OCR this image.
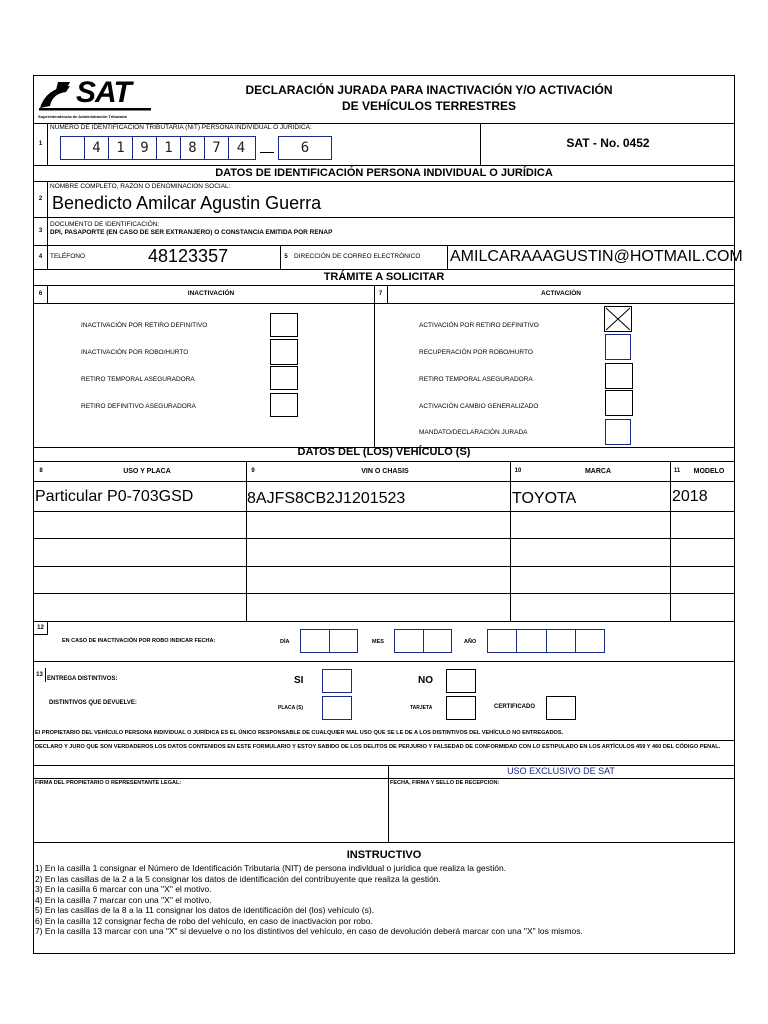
SAT
Superintendencia de Administración Tributaria
DECLARACIÓN JURADA PARA INACTIVACIÓN Y/O ACTIVACIÓN
DE VEHÍCULOS TERRESTRES
1
NUMERO DE IDENTIFICACION TRIBUTARIA (NIT) PERSONA INDIVIDUAL O JURIDICA:
4	1	9	1	8	7	4	6	SAT - No. 0452
DATOS DE IDENTIFICACIÓN PERSONA INDIVIDUAL O JURÍDICA
2
NOMBRE COMPLETO, RAZON O DENOMINACION SOCIAL:
Benedicto Amilcar Agustin Guerra
3
DOCUMENTO DE IDENTIFICACIÓN:
DPI, PASAPORTE (EN CASO DE SER EXTRANJERO) O CONSTANCIA EMITIDA POR RENAP
4	TELÉFONO	48123357	5 DIRECCIÓN DE CORREO ELECTRÓNICO AMILCARAAAGUSTIN@HOTMAIL.COM
TRÁMITE A SOLICITAR
6	INACTIVACIÓN	7	ACTIVACIÓN
INACTIVACIÓN POR RETIRO DEFINITIVO
INACTIVACIÓN POR ROBO/HURTO
RETIRO TEMPORAL ASEGURADORA
RETIRO DEFINITIVO ASEGURADORA
ACTIVACIÓN POR RETIRO DEFINITIVO
RECUPERACIÓN POR ROBO/HURTO
RETIRO TEMPORAL ASEGURADORA
ACTIVACIÓN CAMBIO GENERALIZADO
MANDATO/DECLARACIÓN JURADA
DATOS DEL (LOS) VEHÍCULO (S)
8	USO Y PLACA	9	VIN O CHASIS	10	MARCA	11	MODELO
Particular P0-703GSD	8AJFS8CB2J1201523	TOYOTA	2018
12
EN CASO DE INACTIVACIÓN POR ROBO INDICAR FECHA:	DÍA	MES	AÑO
13
ENTREGA DISTINTIVOS:	SI	NO
DISTINTIVOS QUE DEVUELVE:
PLACA (S)	TARJETA	CERTIFICADO
El PROPIETARIO DEL VEHÍCULO PERSONA INDIVIDUAL O JURÍDICA ES EL ÚNICO RESPONSABLE DE CUALQUIER MAL USO QUE SE LE DE A LOS DISTINTIVOS DEL VEHÍCULO NO ENTREGADOS.
DECLARO Y JURO QUE SON VERDADEROS LOS DATOS CONTENIDOS EN ESTE FORMULARIO Y ESTOY SABIDO DE LOS DELITOS DE PERJURIO Y FALSEDAD DE CONFORMIDAD CON LO ESTIPULADO EN LOS ARTÍCULOS 459 Y 460 DEL CÓDIGO PENAL.
USO EXCLUSIVO DE SAT
FIRMA DEL PROPIETARIO O REPRESENTANTE LEGAL:	FECHA, FIRMA Y SELLO DE RECEPCION:
INSTRUCTIVO
1) En la casilla 1 consignar el Número de Identificación Tributaria (NIT) de persona indivldual o jurídica que realiza la gestión.
2) En las casillas de la 2 a la 5 consignar los datos de identificación del contribuyente que realiza la gestión.
3) En la casilla 6 marcar con una "X" el motivo.
4) En la casilla 7 marcar con una "X" el motivo.
5) En las casillas de la 8 a la 11 consignar los datos de identificación del (los) vehículo (s).
6) En la casilla 12 consignar fecha de robo del vehículo, en caso de inactivacion por robo.
7) En la casilla 13 marcar con una "X" si devuelve o no los distintivos del vehículo, en caso de devolución deberá marcar con una "X" los mismos.
